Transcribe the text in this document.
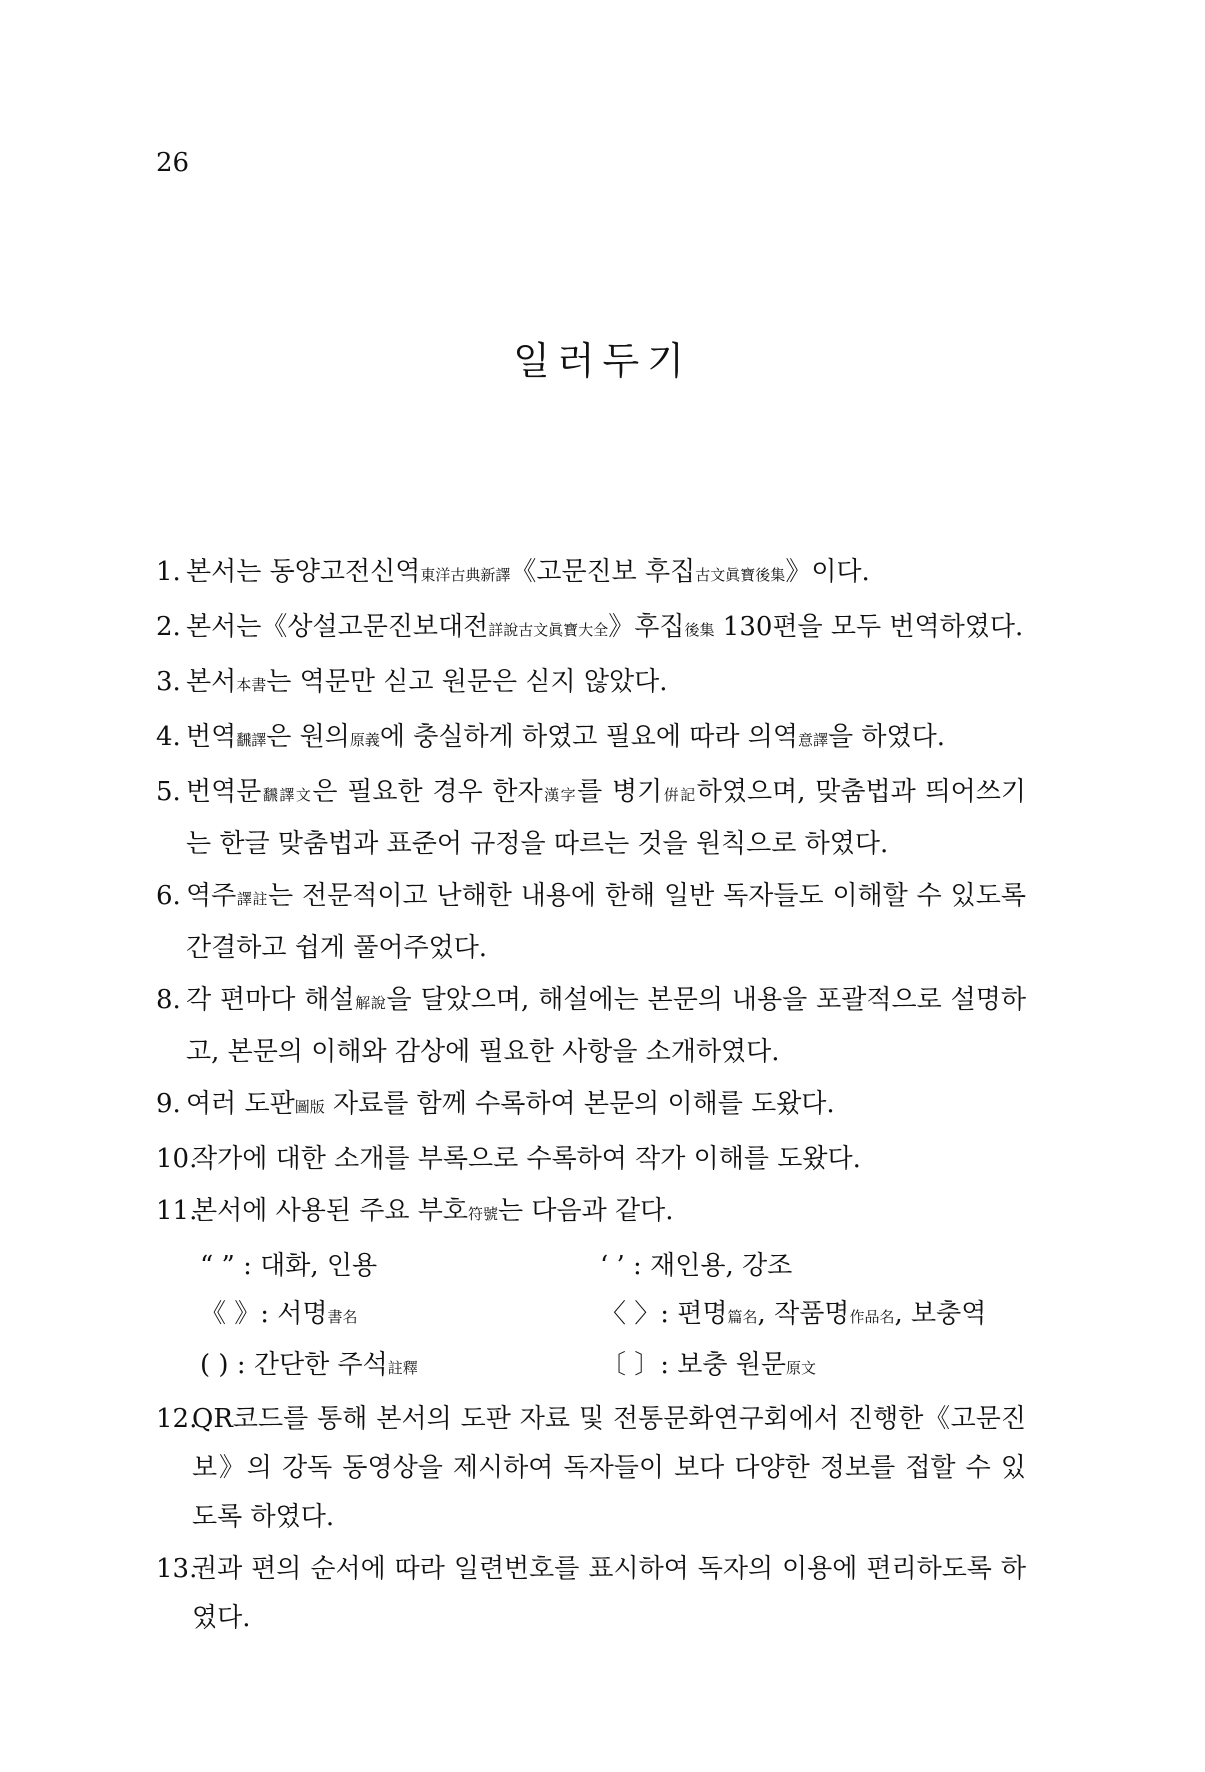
26
일러두기
1. 본서는 동양고전신역東洋古典新譯《고문진보 후집古文眞寶後集》이다.
2. 본서는《상설고문진보대전詳說古文眞寶大全》후집後集 130편을 모두 번역하였다.
3. 본서本書는 역문만 싣고 원문은 싣지 않았다.
4. 번역飜譯은 원의原義에 충실하게 하였고 필요에 따라 의역意譯을 하였다.
5. 번역문飜譯文은 필요한 경우 한자漢字를 병기倂記하였으며, 맞춤법과 띄어쓰기는 한글 맞춤법과 표준어 규정을 따르는 것을 원칙으로 하였다.
6. 역주譯註는 전문적이고 난해한 내용에 한해 일반 독자들도 이해할 수 있도록 간결하고 쉽게 풀어주었다.
8. 각 편마다 해설解說을 달았으며, 해설에는 본문의 내용을 포괄적으로 설명하고, 본문의 이해와 감상에 필요한 사항을 소개하였다.
9. 여러 도판圖版 자료를 함께 수록하여 본문의 이해를 도왔다.
10.
작가에 대한 소개를 부록으로 수록하여 작가 이해를 도왔다.
11.
본서에 사용된 주요 부호符號는 다음과 같다.
“ ” : 대화, 인용	‘ ’ : 재인용, 강조
《 》: 서명書名	〈 〉: 편명篇名, 작품명作品名, 보충역
( ) : 간단한 주석註釋	〔 〕: 보충 원문原文
12.
QR코드를 통해 본서의 도판 자료 및 전통문화연구회에서 진행한《고문진보》의 강독 동영상을 제시하여 독자들이 보다 다양한 정보를 접할 수 있도록 하였다.
13.
권과 편의 순서에 따라 일련번호를 표시하여 독자의 이용에 편리하도록 하였다.
